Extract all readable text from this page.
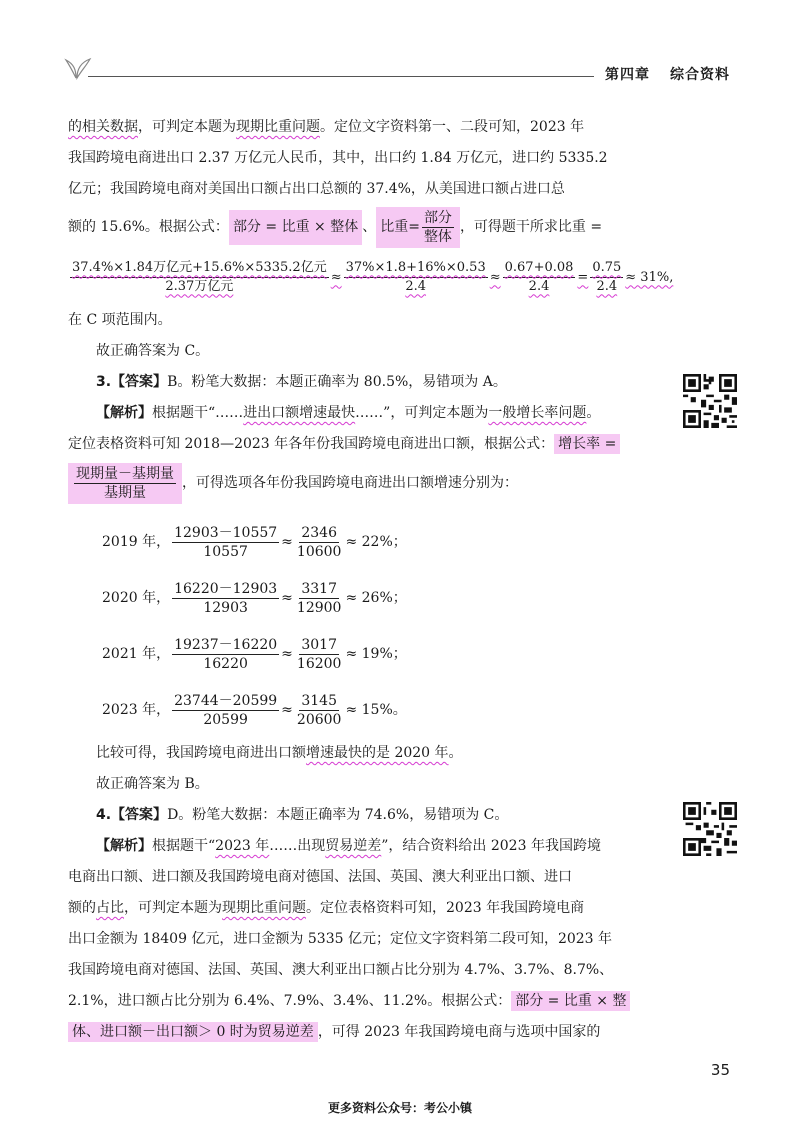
第四章 综合资料
的相关数据，可判定本题为现期比重问题。定位文字资料第一、二段可知，2023 年
我国跨境电商进出口 2.37 万亿元人民币，其中，出口约 1.84 万亿元，进口约 5335.2
亿元；我国跨境电商对美国出口额占出口总额的 37.4%，从美国进口额占进口总
额的 15.6%。根据公式： 部分 = 比重 × 整体 、 比重= $\frac{\text{部分}}{\text{整体}}$ ，可得题干所求比重 =
$\frac{\text{37.4\%×1.84万亿元+15.6\%×5335.2亿元}}{\text{2.37万亿元}} \approx \frac{37\%\times 1.8+16\%\times 0.53}{2.4} \approx \frac{0.67+0.08}{2.4} = \frac{0.75}{2.4} \approx 31\%$,
在 C 项范围内。
故正确答案为 C。
3.【答案】B。粉笔大数据：本题正确率为 80.5%，易错项为 A。
【解析】根据题干“……进出口额增速最快……”，可判定本题为一般增长率问题。
定位表格资料可知 2018—2023 年各年份我国跨境电商进出口额，根据公式： 增长率 =
$\frac{\text{现期量－基期量}}{\text{基期量}}$ ，可得选项各年份我国跨境电商进出口额增速分别为：
2019 年， $\frac{12903-10557}{10557} \approx \frac{2346}{10600} \approx 22\%$；
2020 年， $\frac{16220-12903}{12903} \approx \frac{3317}{12900} \approx 26\%$；
2021 年， $\frac{19237-16220}{16220} \approx \frac{3017}{16200} \approx 19\%$；
2023 年， $\frac{23744-20599}{20599} \approx \frac{3145}{20600} \approx 15\%$。
比较可得，我国跨境电商进出口额增速最快的是 2020 年。
故正确答案为 B。
4.【答案】D。粉笔大数据：本题正确率为 74.6%，易错项为 C。
【解析】根据题干“2023 年……出现贸易逆差”，结合资料给出 2023 年我国跨境
电商出口额、进口额及我国跨境电商对德国、法国、英国、澳大利亚出口额、进口
额的占比，可判定本题为现期比重问题。定位表格资料可知，2023 年我国跨境电商
出口金额为 18409 亿元，进口金额为 5335 亿元；定位文字资料第二段可知，2023 年
我国跨境电商对德国、法国、英国、澳大利亚出口额占比分别为 4.7%、3.7%、8.7%、
2.1%，进口额占比分别为 6.4%、7.9%、3.4%、11.2%。根据公式： 部分 = 比重 × 整
体、进口额－出口额＞ 0 时为贸易逆差 ，可得 2023 年我国跨境电商与选项中国家的
35
更多资料公众号：考公小镇
